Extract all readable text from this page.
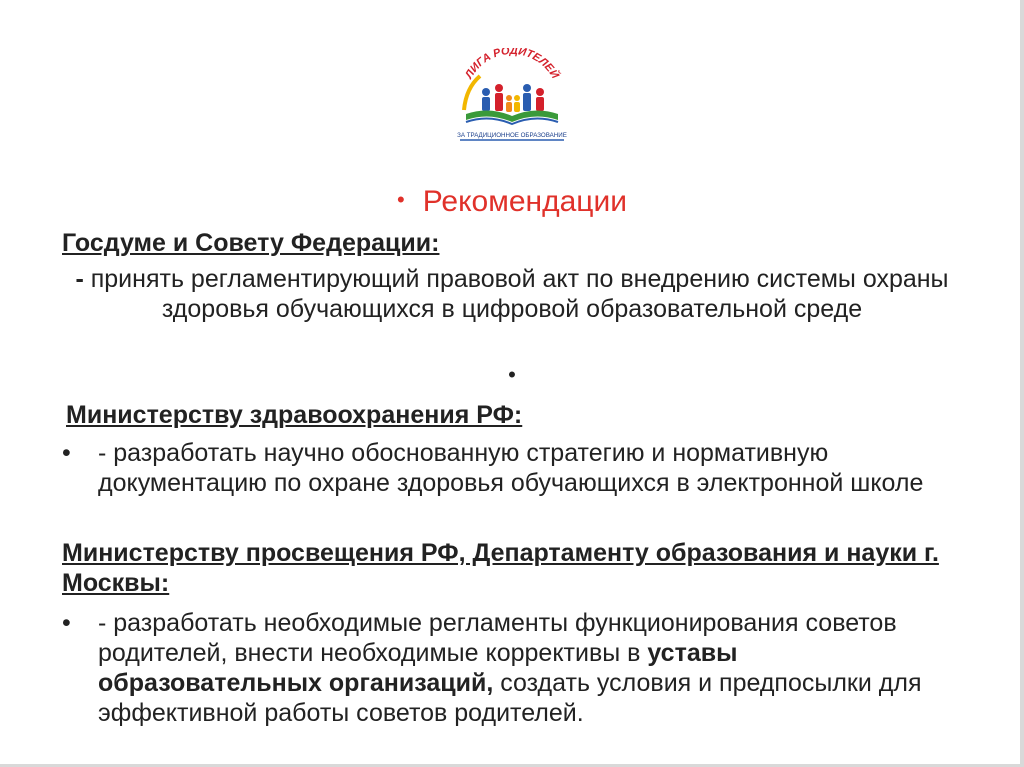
ЛИГА РОДИТЕЛЕЙ
ЗА ТРАДИЦИОННОЕ ОБРАЗОВАНИЕ
• Рекомендации
Госдуме и Совету Федерации:
- принять регламентирующий правовой акт по внедрению системы охраны здоровья обучающихся в цифровой образовательной среде
•
Министерству здравоохранения РФ:
•	- разработать научно обоснованную стратегию и нормативную документацию по охране здоровья обучающихся в электронной школе
Министерству просвещения РФ, Департаменту образования и науки г. Москвы:
•	- разработать необходимые регламенты функционирования советов родителей, внести необходимые коррективы в уставы образовательных организаций, создать условия и предпосылки для эффективной работы советов родителей.
